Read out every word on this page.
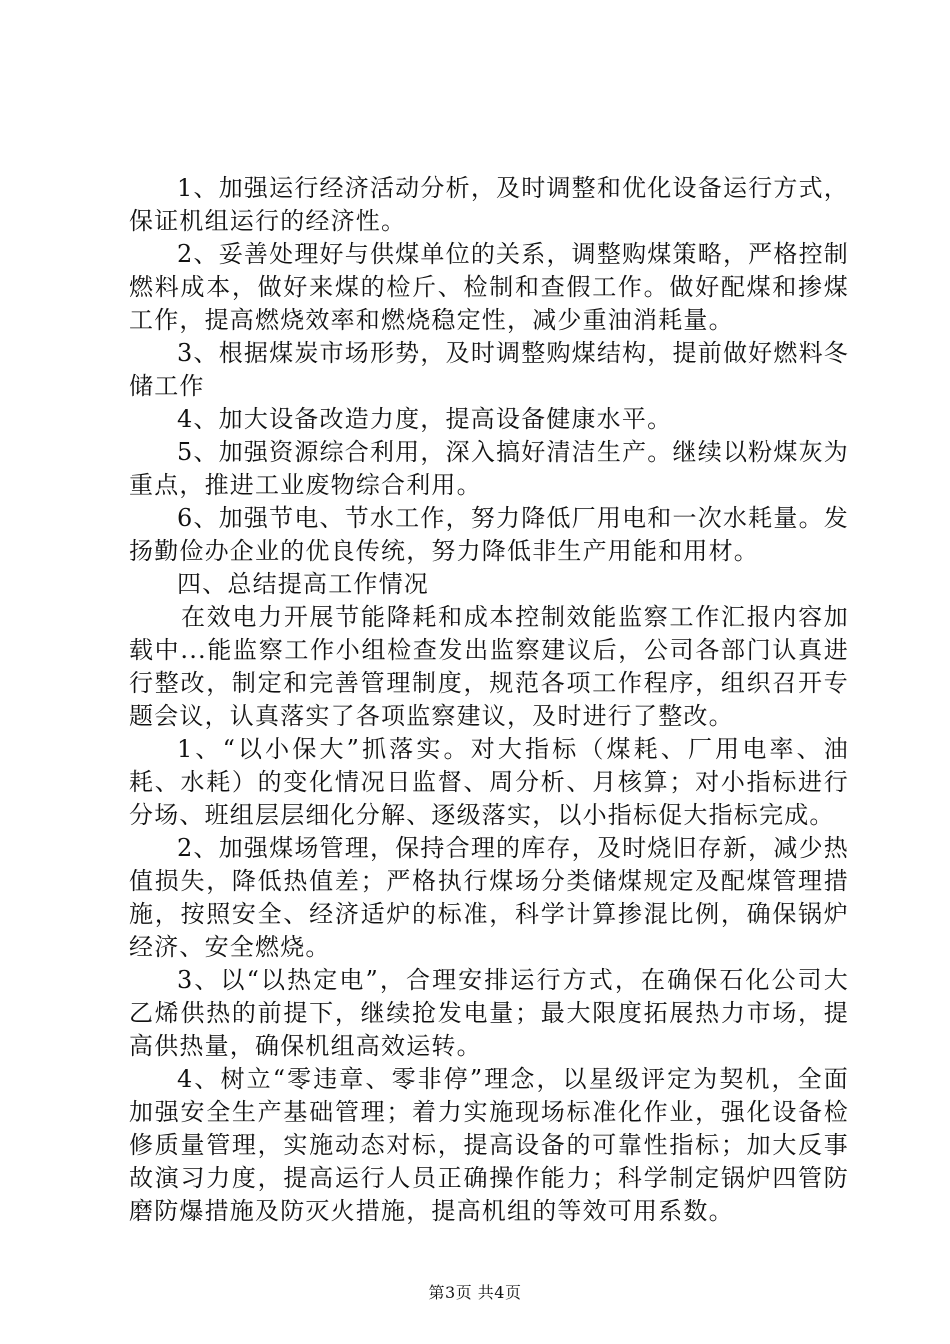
1、加强运行经济活动分析，及时调整和优化设备运行方式，保证机组运行的经济性。

2、妥善处理好与供煤单位的关系，调整购煤策略，严格控制燃料成本，做好来煤的检斤、检制和查假工作。做好配煤和掺煤工作，提高燃烧效率和燃烧稳定性，减少重油消耗量。

3、根据煤炭市场形势，及时调整购煤结构，提前做好燃料冬储工作

4、加大设备改造力度，提高设备健康水平。

5、加强资源综合利用，深入搞好清洁生产。继续以粉煤灰为重点，推进工业废物综合利用。

6、加强节电、节水工作，努力降低厂用电和一次水耗量。发扬勤俭办企业的优良传统，努力降低非生产用能和用材。

四、总结提高工作情况

在效电力开展节能降耗和成本控制效能监察工作汇报内容加载中...能监察工作小组检查发出监察建议后，公司各部门认真进行整改，制定和完善管理制度，规范各项工作程序，组织召开专题会议，认真落实了各项监察建议，及时进行了整改。

1、“以小保大”抓落实。对大指标（煤耗、厂用电率、油耗、水耗）的变化情况日监督、周分析、月核算；对小指标进行分场、班组层层细化分解、逐级落实，以小指标促大指标完成。

2、加强煤场管理，保持合理的库存，及时烧旧存新，减少热值损失，降低热值差；严格执行煤场分类储煤规定及配煤管理措施，按照安全、经济适炉的标准，科学计算掺混比例，确保锅炉经济、安全燃烧。

3、以“以热定电”，合理安排运行方式，在确保石化公司大乙烯供热的前提下，继续抢发电量；最大限度拓展热力市场，提高供热量，确保机组高效运转。

4、树立“零违章、零非停”理念，以星级评定为契机，全面加强安全生产基础管理；着力实施现场标准化作业，强化设备检修质量管理，实施动态对标，提高设备的可靠性指标；加大反事故演习力度，提高运行人员正确操作能力；科学制定锅炉四管防磨防爆措施及防灭火措施，提高机组的等效可用系数。

第3页 共4页
